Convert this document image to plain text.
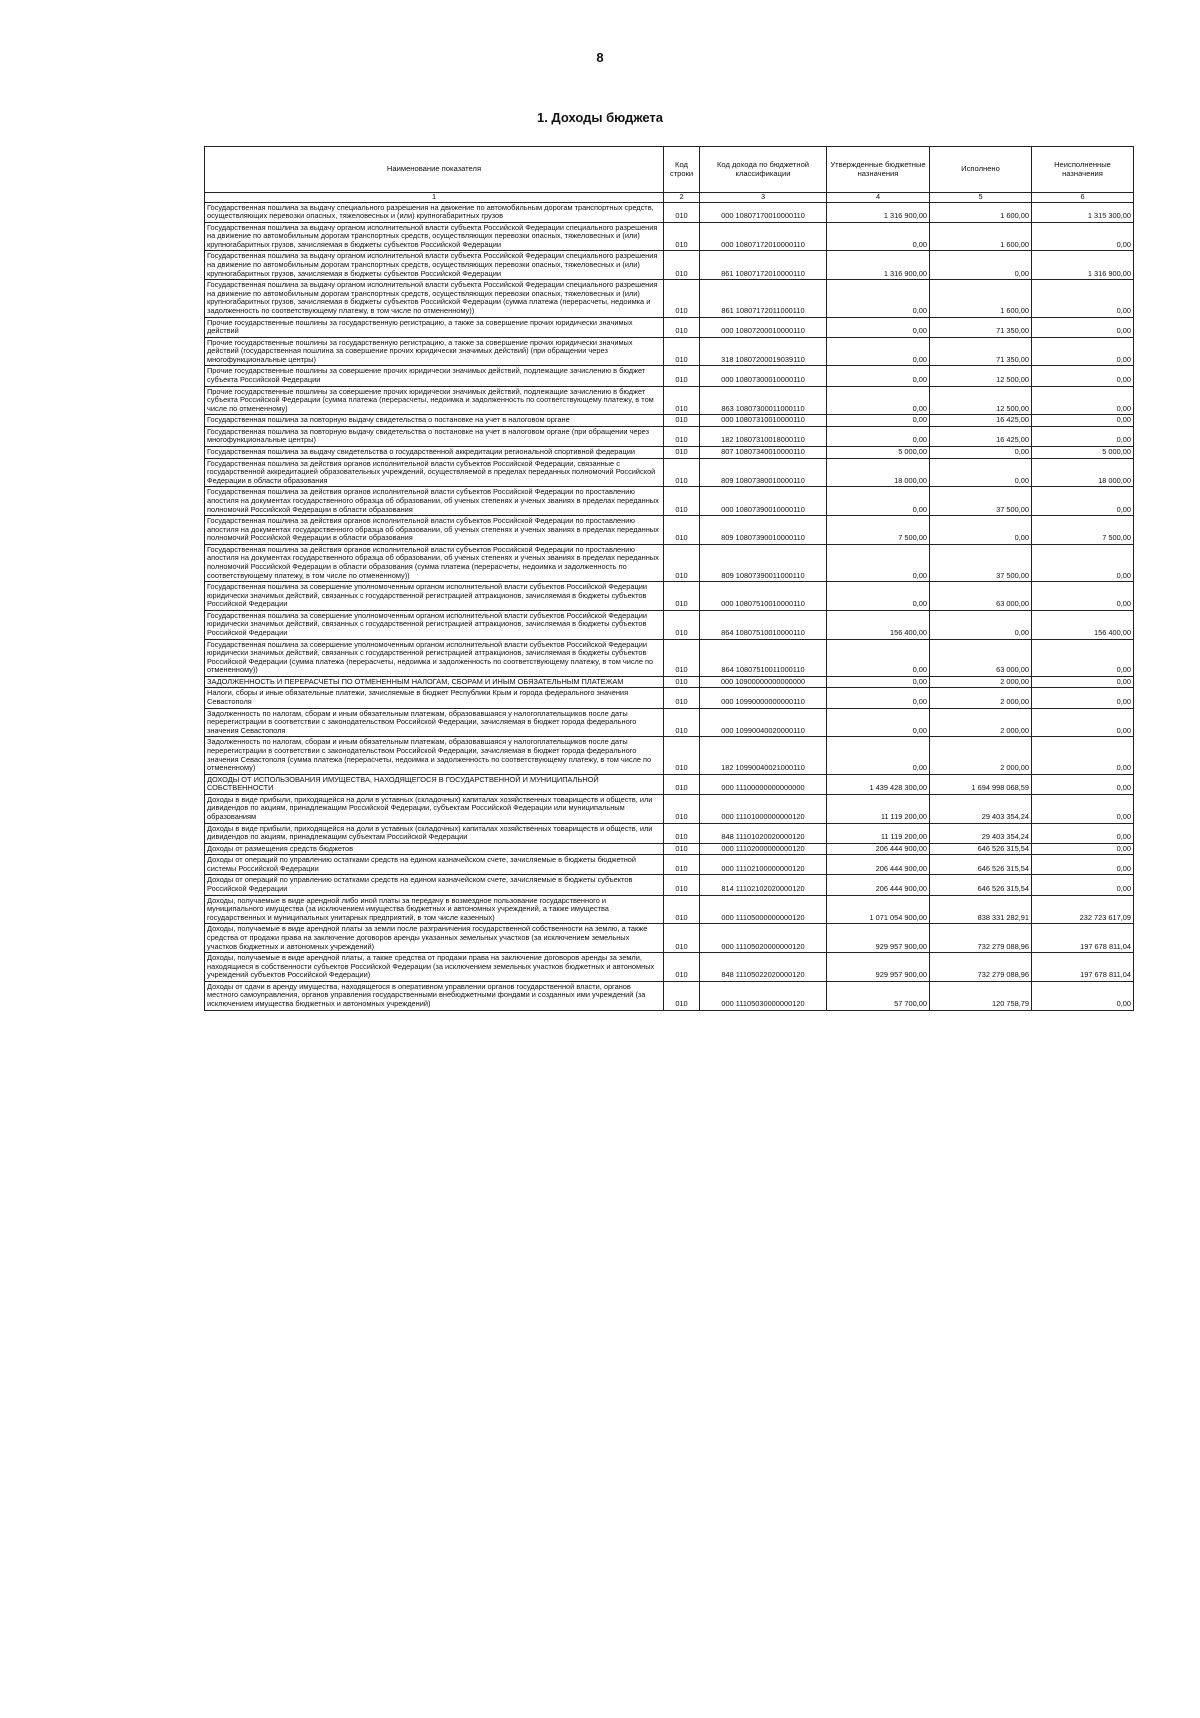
8
1. Доходы бюджета
Наименование показателя	Код строки	Код дохода по бюджетной классификации	Утвержденные бюджетные назначения	Исполнено	Неисполненные назначения
1	2	3	4	5	6
Государственная пошлина за выдачу специального разрешения на движение по автомобильным дорогам транспортных средств, осуществляющих перевозки опасных, тяжеловесных и (или) крупногабаритных грузов	010	000 10807170010000110	1 316 900,00	1 600,00	1 315 300,00
Государственная пошлина за выдачу органом исполнительной власти субъекта Российской Федерации специального разрешения на движение по автомобильным дорогам транспортных средств, осуществляющих перевозки опасных, тяжеловесных и (или) крупногабаритных грузов, зачисляемая в бюджеты субъектов Российской Федерации	010	000 10807172010000110	0,00	1 600,00	0,00
Государственная пошлина за выдачу органом исполнительной власти субъекта Российской Федерации специального разрешения на движение по автомобильным дорогам транспортных средств, осуществляющих перевозки опасных, тяжеловесных и (или) крупногабаритных грузов, зачисляемая в бюджеты субъектов Российской Федерации	010	861 10807172010000110	1 316 900,00	0,00	1 316 900,00
Государственная пошлина за выдачу органом исполнительной власти субъекта Российской Федерации специального разрешения на движение по автомобильным дорогам транспортных средств, осуществляющих перевозки опасных, тяжеловесных и (или) крупногабаритных грузов, зачисляемая в бюджеты субъектов Российской Федерации (сумма платежа (перерасчеты, недоимка и задолженность по соответствующему платежу, в том числе по отмененному))	010	861 10807172011000110	0,00	1 600,00	0,00
Прочие государственные пошлины за государственную регистрацию, а также за совершение прочих юридически значимых действий	010	000 10807200010000110	0,00	71 350,00	0,00
Прочие государственные пошлины за государственную регистрацию, а также за совершение прочих юридически значимых действий (государственная пошлина за совершение прочих юридически значимых действий) (при обращении через многофункциональные центры)	010	318 10807200019039110	0,00	71 350,00	0,00
Прочие государственные пошлины за совершение прочих юридически значимых действий, подлежащие зачислению в бюджет субъекта Российской Федерации	010	000 10807300010000110	0,00	12 500,00	0,00
Прочие государственные пошлины за совершение прочих юридически значимых действий, подлежащие зачислению в бюджет субъекта Российской Федерации (сумма платежа (перерасчеты, недоимка и задолженность по соответствующему платежу, в том числе по отмененному)	010	863 10807300011000110	0,00	12 500,00	0,00
Государственная пошлина за повторную выдачу свидетельства о постановке на учет в налоговом органе	010	000 10807310010000110	0,00	16 425,00	0,00
Государственная пошлина за повторную выдачу свидетельства о постановке на учет в налоговом органе (при обращении через многофункциональные центры)	010	182 10807310018000110	0,00	16 425,00	0,00
Государственная пошлина за выдачу свидетельства о государственной аккредитации региональной спортивной федерации	010	807 10807340010000110	5 000,00	0,00	5 000,00
Государственная пошлина за действия органов исполнительной власти субъектов Российской Федерации, связанные с государственной аккредитацией образовательных учреждений, осуществляемой в пределах переданных полномочий Российской Федерации в области образования	010	809 10807380010000110	18 000,00	0,00	18 000,00
Государственная пошлина за действия органов исполнительной власти субъектов Российской Федерации по проставлению апостиля на документах государственного образца об образовании, об ученых степенях и ученых званиях в пределах переданных полномочий Российской Федерации в области образования	010	000 10807390010000110	0,00	37 500,00	0,00
Государственная пошлина за действия органов исполнительной власти субъектов Российской Федерации по проставлению апостиля на документах государственного образца об образовании, об ученых степенях и ученых званиях в пределах переданных полномочий Российской Федерации в области образования	010	809 10807390010000110	7 500,00	0,00	7 500,00
Государственная пошлина за действия органов исполнительной власти субъектов Российской Федерации по проставлению апостиля на документах государственного образца об образовании, об ученых степенях и ученых званиях в пределах переданных полномочий Российской Федерации в области образования (сумма платежа (перерасчеты, недоимка и задолженность по соответствующему платежу, в том числе по отмененному))	010	809 10807390011000110	0,00	37 500,00	0,00
Государственная пошлина за совершение уполномоченным органом исполнительной власти субъектов Российской Федерации юридически значимых действий, связанных с государственной регистрацией аттракционов, зачисляемая в бюджеты субъектов Российской Федерации	010	000 10807510010000110	0,00	63 000,00	0,00
Государственная пошлина за совершение уполномоченным органом исполнительной власти субъектов Российской Федерации юридически значимых действий, связанных с государственной регистрацией аттракционов, зачисляемая в бюджеты субъектов Российской Федерации	010	864 10807510010000110	156 400,00	0,00	156 400,00
Государственная пошлина за совершение уполномоченным органом исполнительной власти субъектов Российской Федерации юридически значимых действий, связанных с государственной регистрацией аттракционов, зачисляемая в бюджеты субъектов Российской Федерации (сумма платежа (перерасчеты, недоимка и задолженность по соответствующему платежу, в том числе по отмененному))	010	864 10807510011000110	0,00	63 000,00	0,00
ЗАДОЛЖЕННОСТЬ И ПЕРЕРАСЧЕТЫ ПО ОТМЕНЕННЫМ НАЛОГАМ, СБОРАМ И ИНЫМ ОБЯЗАТЕЛЬНЫМ ПЛАТЕЖАМ	010	000 10900000000000000	0,00	2 000,00	0,00
Налоги, сборы и иные обязательные платежи, зачисляемые в бюджет Республики Крым и города федерального значения Севастополя	010	000 10990000000000110	0,00	2 000,00	0,00
Задолженность по налогам, сборам и иным обязательным платежам, образовавшаяся у налогоплательщиков после даты перерегистрации в соответствии с законодательством Российской Федерации, зачисляемая в бюджет города федерального значения Севастополя	010	000 10990040020000110	0,00	2 000,00	0,00
Задолженность по налогам, сборам и иным обязательным платежам, образовавшаяся у налогоплательщиков после даты перерегистрации в соответствии с законодательством Российской Федерации, зачисляемая в бюджет города федерального значения Севастополя (сумма платежа (перерасчеты, недоимка и задолженность по соответствующему платежу, в том числе по отмененному)	010	182 10990040021000110	0,00	2 000,00	0,00
ДОХОДЫ ОТ ИСПОЛЬЗОВАНИЯ ИМУЩЕСТВА, НАХОДЯЩЕГОСЯ В ГОСУДАРСТВЕННОЙ И МУНИЦИПАЛЬНОЙ СОБСТВЕННОСТИ	010	000 11100000000000000	1 439 428 300,00	1 694 998 068,59	0,00
Доходы в виде прибыли, приходящейся на доли в уставных (складочных) капиталах хозяйственных товариществ и обществ, или дивидендов по акциям, принадлежащим Российской Федерации, субъектам Российской Федерации или муниципальным образованиям	010	000 11101000000000120	11 119 200,00	29 403 354,24	0,00
Доходы в виде прибыли, приходящейся на доли в уставных (складочных) капиталах хозяйственных товариществ и обществ, или дивидендов по акциям, принадлежащим субъектам Российской Федерации	010	848 11101020020000120	11 119 200,00	29 403 354,24	0,00
Доходы от размещения средств бюджетов	010	000 11102000000000120	206 444 900,00	646 526 315,54	0,00
Доходы от операций по управлению остатками средств на едином казначейском счете, зачисляемые в бюджеты бюджетной системы Российской Федерации	010	000 11102100000000120	206 444 900,00	646 526 315,54	0,00
Доходы от операций по управлению остатками средств на едином казначейском счете, зачисляемые в бюджеты субъектов Российской Федерации	010	814 11102102020000120	206 444 900,00	646 526 315,54	0,00
Доходы, получаемые в виде арендной либо иной платы за передачу в возмездное пользование государственного и муниципального имущества (за исключением имущества бюджетных и автономных учреждений, а также имущества государственных и муниципальных унитарных предприятий, в том числе казенных)	010	000 11105000000000120	1 071 054 900,00	838 331 282,91	232 723 617,09
Доходы, получаемые в виде арендной платы за земли после разграничения государственной собственности на землю, а также средства от продажи права на заключение договоров аренды указанных земельных участков (за исключением земельных участков бюджетных и автономных учреждений)	010	000 11105020000000120	929 957 900,00	732 279 088,96	197 678 811,04
Доходы, получаемые в виде арендной платы, а также средства от продажи права на заключение договоров аренды за земли, находящиеся в собственности субъектов Российской Федерации (за исключением земельных участков бюджетных и автономных учреждений субъектов Российской Федерации)	010	848 11105022020000120	929 957 900,00	732 279 088,96	197 678 811,04
Доходы от сдачи в аренду имущества, находящегося в оперативном управлении органов государственной власти, органов местного самоуправления, органов управления государственными внебюджетными фондами и созданных ими учреждений (за исключением имущества бюджетных и автономных учреждений)	010	000 11105030000000120	57 700,00	120 758,79	0,00
